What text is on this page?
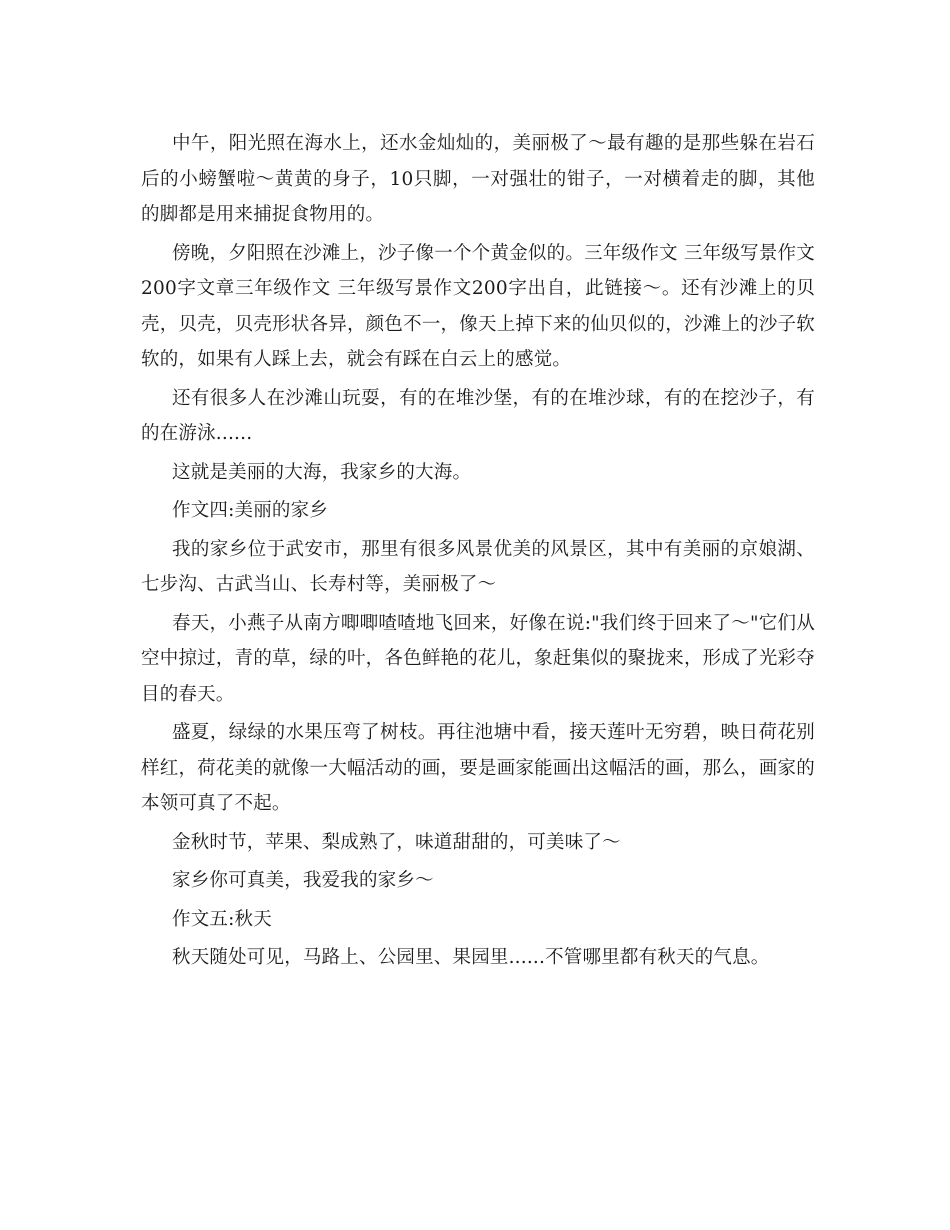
中午，阳光照在海水上，还水金灿灿的，美丽极了～最有趣的是那些躲在岩石后的小螃蟹啦～黄黄的身子，10只脚，一对强壮的钳子，一对横着走的脚，其他的脚都是用来捕捉食物用的。

傍晚，夕阳照在沙滩上，沙子像一个个黄金似的。三年级作文 三年级写景作文200字文章三年级作文 三年级写景作文200字出自，此链接～。还有沙滩上的贝壳，贝壳，贝壳形状各异，颜色不一，像天上掉下来的仙贝似的，沙滩上的沙子软软的，如果有人踩上去，就会有踩在白云上的感觉。

还有很多人在沙滩山玩耍，有的在堆沙堡，有的在堆沙球，有的在挖沙子，有的在游泳......

这就是美丽的大海，我家乡的大海。

作文四:美丽的家乡

我的家乡位于武安市，那里有很多风景优美的风景区，其中有美丽的京娘湖、七步沟、古武当山、长寿村等，美丽极了～

春天，小燕子从南方唧唧喳喳地飞回来，好像在说:"我们终于回来了～"它们从空中掠过，青的草，绿的叶，各色鲜艳的花儿，象赶集似的聚拢来，形成了光彩夺目的春天。

盛夏，绿绿的水果压弯了树枝。再往池塘中看，接天莲叶无穷碧，映日荷花别样红，荷花美的就像一大幅活动的画，要是画家能画出这幅活的画，那么，画家的本领可真了不起。

金秋时节，苹果、梨成熟了，味道甜甜的，可美味了～

家乡你可真美，我爱我的家乡～

作文五:秋天

秋天随处可见，马路上、公园里、果园里......不管哪里都有秋天的气息。
